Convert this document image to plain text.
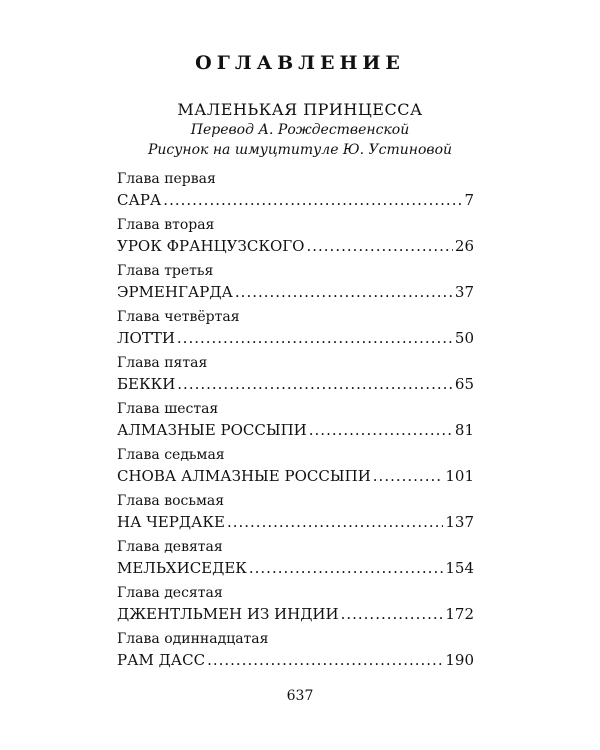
ОГЛАВЛЕНИЕ
МАЛЕНЬКАЯ ПРИНЦЕССА
Перевод А. Рождественской
Рисунок на шмуцтитуле Ю. Устиновой
Глава первая
САРА .....	7
Глава вторая
УРОК ФРАНЦУЗСКОГО .....	26
Глава третья
ЭРМЕНГАРДА .....	37
Глава четвёртая
ЛОТТИ .....	50
Глава пятая
БЕККИ .....	65
Глава шестая
АЛМАЗНЫЕ РОССЫПИ .....	81
Глава седьмая
СНОВА АЛМАЗНЫЕ РОССЫПИ .....	101
Глава восьмая
НА ЧЕРДАКЕ .....	137
Глава девятая
МЕЛЬХИСЕДЕК .....	154
Глава десятая
ДЖЕНТЛЬМЕН ИЗ ИНДИИ .....	172
Глава одиннадцатая
РАМ ДАСС .....	190
637
